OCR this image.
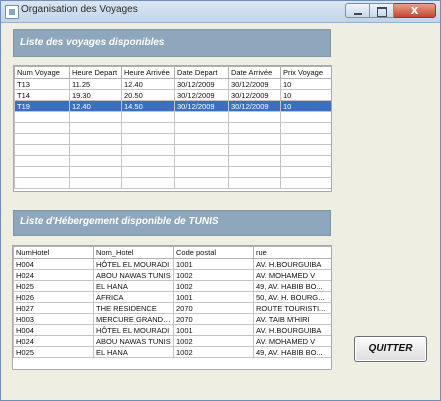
Organisation des Voyages	x
Liste des voyages disponibles
Num Voyage	Heure Depart	Heure Arrivée	Date Depart	Date Arrivée	Prix Voyage
T13	11.25	12.40	30/12/2009	30/12/2009	10
T14	19.30	20.50	30/12/2009	30/12/2009	10
T19	12.40	14.50	30/12/2009	30/12/2009	10

Liste d'Hébergement disponible de TUNIS
NumHotel	Nom_Hotel	Code postal	rue
H004	HÔTEL EL MOURADI	1001	AV. H.BOURGUIBA
H024	ABOU NAWAS TUNIS	1002	AV. MOHAMED V
H025	EL HANA	1002	49, AV. HABIB BO...
H026	AFRICA	1001	50, AV. H. BOURG...
H027	THE RESIDENCE	2070	ROUTE TOURISTI...
H003	MERCURE GRAND ...	2070	AV. TAIB M'HIRI
H004	HÔTEL EL MOURADI	1001	AV. H.BOURGUIBA
H024	ABOU NAWAS TUNIS	1002	AV. MOHAMED V
H025	EL HANA	1002	49, AV. HABIB BO...	QUITTER
